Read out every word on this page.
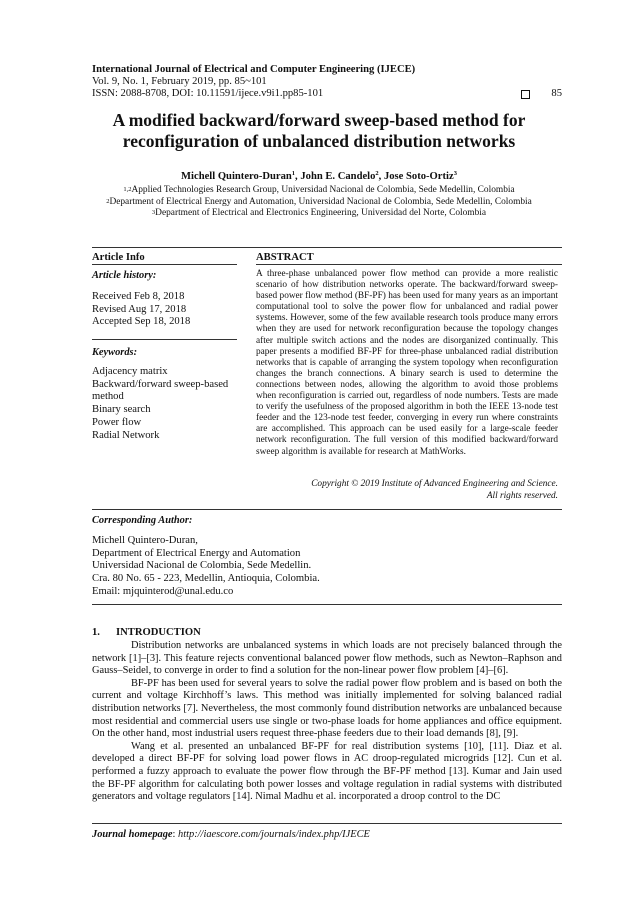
International Journal of Electrical and Computer Engineering (IJECE)
Vol. 9, No. 1, February 2019, pp. 85~101
ISSN: 2088-8708, DOI: 10.11591/ijece.v9i1.pp85-101	85
A modified backward/forward sweep-based method for reconfiguration of unbalanced distribution networks
Michell Quintero-Duran$^1$, John E. Candelo$^2$, Jose Soto-Ortiz$^3$
$^{1,2}$Applied Technologies Research Group, Universidad Nacional de Colombia, Sede Medellin, Colombia
$^2$Department of Electrical Energy and Automation, Universidad Nacional de Colombia, Sede Medellin, Colombia
$^3$Department of Electrical and Electronics Engineering, Universidad del Norte, Colombia
Article Info	ABSTRACT
Article history:
Received Feb 8, 2018
Revised Aug 17, 2018
Accepted Sep 18, 2018
Keywords:
Adjacency matrix
Backward/forward sweep-based
method
Binary search
Power flow
Radial Network
A three-phase unbalanced power flow method can provide a more realistic scenario of how distribution networks operate. The backward/forward sweep-based power flow method (BF-PF) has been used for many years as an important computational tool to solve the power flow for unbalanced and radial power systems. However, some of the few available research tools produce many errors when they are used for network reconfiguration because the topology changes after multiple switch actions and the nodes are disorganized continually. This paper presents a modified BF-PF for three-phase unbalanced radial distribution networks that is capable of arranging the system topology when reconfiguration changes the branch connections. A binary search is used to determine the connections between nodes, allowing the algorithm to avoid those problems when reconfiguration is carried out, regardless of node numbers. Tests are made to verify the usefulness of the proposed algorithm in both the IEEE 13-node test feeder and the 123-node test feeder, converging in every run where constraints are accomplished. This approach can be used easily for a large-scale feeder network reconfiguration. The full version of this modified backward/forward sweep algorithm is available for research at MathWorks.
Copyright © 2019 Institute of Advanced Engineering and Science.
All rights reserved.
Corresponding Author:
Michell Quintero-Duran,
Department of Electrical Energy and Automation
Universidad Nacional de Colombia, Sede Medellin.
Cra. 80 No. 65 - 223, Medellin, Antioquia, Colombia.
Email: mjquinterod@unal.edu.co
1. INTRODUCTION

Distribution networks are unbalanced systems in which loads are not precisely balanced through the network [1]–[3]. This feature rejects conventional balanced power flow methods, such as Newton–Raphson and Gauss–Seidel, to converge in order to find a solution for the non-linear power flow problem [4]–[6].

BF-PF has been used for several years to solve the radial power flow problem and is based on both the current and voltage Kirchhoff’s laws. This method was initially implemented for solving balanced radial distribution networks [7]. Nevertheless, the most commonly found distribution networks are unbalanced because most residential and commercial users use single or two-phase loads for home appliances and office equipment. On the other hand, most industrial users request three-phase feeders due to their load demands [8], [9].

Wang et al. presented an unbalanced BF-PF for real distribution systems [10], [11]. Diaz et al. developed a direct BF-PF for solving load power flows in AC droop-regulated microgrids [12]. Cun et al. performed a fuzzy approach to evaluate the power flow through the BF-PF method [13]. Kumar and Jain used the BF-PF algorithm for calculating both power losses and voltage regulation in radial systems with distributed generators and voltage regulators [14]. Nimal Madhu et al. incorporated a droop control to the DC

Journal homepage: http://iaescore.com/journals/index.php/IJECE
